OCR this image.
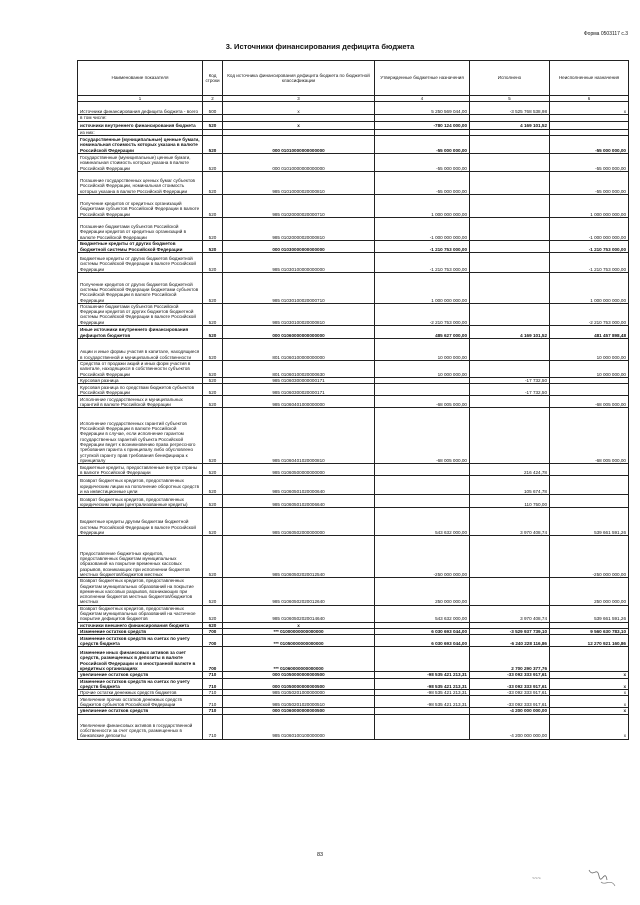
Форма 0503117 с.3
3. Источники финансирования дефицита бюджета
Наименование показателя	Код строки	Код источника финансирования дефицита бюджета по бюджетной классификации	Утвержденные бюджетные назначения	Исполнено	Неисполненные назначения
1	2	3	4	5	6
Источники финансирования дефицита бюджета - всего	500	х	5 250 569 044,00	-3 525 768 538,98	х
в том числе:					
источники внутреннего финансирования бюджета	520	х	-780 124 000,00	4 169 101,52	
из них:					
Государственные (муниципальные) ценные бумаги, номинальная стоимость которых указана в валюте Российской Федерации	520	000 01010000000000000	-55 000 000,00		-55 000 000,00
Государственные (муниципальные) ценные бумаги, номинальная стоимость которых указана в валюте Российской Федерации	520	000 01010000000000000	-55 000 000,00		-55 000 000,00
Погашение государственных ценных бумаг субъектов Российской Федерации, номинальная стоимость которых указана в валюте Российской Федерации	520	985 01010000020000810	-55 000 000,00		-55 000 000,00
Получение кредитов от кредитных организаций бюджетами субъектов Российской Федерации в валюте Российской Федерации	520	985 01020000020000710	1 000 000 000,00		1 000 000 000,00
Погашение бюджетами субъектов Российской Федерации кредитов от кредитных организаций в валюте Российской Федерации	520	985 01020000020000810	-1 000 000 000,00		-1 000 000 000,00
Бюджетные кредиты от других бюджетов бюджетной системы Российской Федерации	520	000 01030000000000000	-1 210 753 000,00		-1 210 753 000,00
Бюджетные кредиты от других бюджетов бюджетной системы Российской Федерации в валюте Российской Федерации	520	985 01030100000000000	-1 210 753 000,00		-1 210 753 000,00
Получение кредитов от других бюджетов бюджетной системы Российской Федерации бюджетами субъектов Российской Федерации в валюте Российской Федерации	520	985 01030100020000710	1 000 000 000,00		1 000 000 000,00
Погашение бюджетами субъектов Российской Федерации кредитов от других бюджетов бюджетной системы Российской Федерации в валюте Российской Федерации	520	985 01030100020000810	-2 210 753 000,00		-2 210 753 000,00
Иные источники внутреннего финансирования дефицитов бюджетов	520	000 01060000000000000	485 627 000,00	4 169 101,52	481 457 898,48
Акции и иные формы участия в капитале, находящиеся в государственной и муниципальной собственности	520	801 01060100000000000	10 000 000,00		10 000 000,00
Средства от продажи акций и иных форм участия в капитале, находящихся в собственности субъектов Российской Федерации	520	801 01060100020000630	10 000 000,00		10 000 000,00
Курсовая разница	520	985 01060300000000171		-17 732,50	
Курсовая разница по средствам бюджетов субъектов Российской Федерации	520	985 01060300020000171		-17 732,50	
Исполнение государственных и муниципальных гарантий в валюте Российской Федерации	520	985 01060401000000000	-68 005 000,00		-68 005 000,00
Исполнение государственных гарантий субъектов Российской Федерации в валюте Российской Федерации в случае, если исполнение гарантом государственных гарантий субъекта Российской Федерации ведет к возникновению права регрессного требования гаранта к принципалу либо обусловлено уступкой гаранту прав требования бенефициара к принципалу	520	985 01060401020000810	-68 005 000,00		-68 005 000,00
Бюджетные кредиты, предоставленные внутри страны в валюте Российской Федерации	520	985 01060500000000000		216 424,78	
Возврат бюджетных кредитов, предоставленных юридическим лицам на пополнение оборотных средств и на инвестиционные цели	520	985 01060501020000640		105 674,78	
Возврат бюджетных кредитов, предоставленных юридическим лицам (централизованные кредиты)	520	985 01060501020006640		110 750,00	
Бюджетные кредиты другим бюджетам бюджетной системы Российской Федерации в валюте Российской Федерации	520	985 01060502000000000	543 632 000,00	3 970 408,74	539 661 591,26
Предоставление бюджетных кредитов, предоставленных бюджетам муниципальных образований на покрытие временных кассовых разрывов, возникающих при исполнении бюджетов местных бюджетов/бюджетов местных	520	985 01060502020012540	-250 000 000,00		-250 000 000,00
Возврат бюджетных кредитов, предоставленных бюджетам муниципальных образований на покрытие временных кассовых разрывов, возникающих при исполнении бюджетов местных бюджетов/бюджетов местных	520	985 01060502020012640	250 000 000,00		250 000 000,00
Возврат бюджетных кредитов, предоставленных бюджетам муниципальных образований на частичное покрытие дефицитов бюджетов	520	985 01060502020014640	543 632 000,00	3 970 408,74	539 661 591,26
источники внешнего финансирования бюджета	620	х			
Изменение остатков средств	700	*** 01000000000000000	6 030 693 044,00	-3 529 937 739,10	9 560 630 783,10
Изменение остатков средств на счетах по учету средств бюджета	700	*** 01050000000000000	6 030 693 044,00	-6 240 228 116,86	12 270 921 160,86
Изменение иных финансовых активов за счет средств, размещенных в депозиты в валюте Российской Федерации и в иностранной валюте в кредитных организациях	700	*** 01060000000000000		2 700 290 377,76	
увеличение остатков средств	710	000 01050000000000500	-98 535 421 213,31	-33 092 333 917,61	х
Изменение остатков средств на счетах по учету средств бюджета	710	000 01050000000000500	-98 535 421 213,31	-33 092 333 917,61	х
Прочие остатки денежных средств бюджетов	710	985 01050201000000000	-98 535 421 213,31	-33 092 333 917,61	х
Увеличение прочих остатков денежных средств бюджетов субъектов Российской Федерации	710	985 01050201020000510	-98 535 421 213,31	-33 092 333 917,61	х
увеличение остатков средств	710	000 01060000000000500		-4 200 000 000,00	х
Увеличение финансовых активов в государственной собственности за счет средств, размещенных в банковские депозиты	710	985 01060100100000000		-4 200 000 000,00	х
83
~~~
